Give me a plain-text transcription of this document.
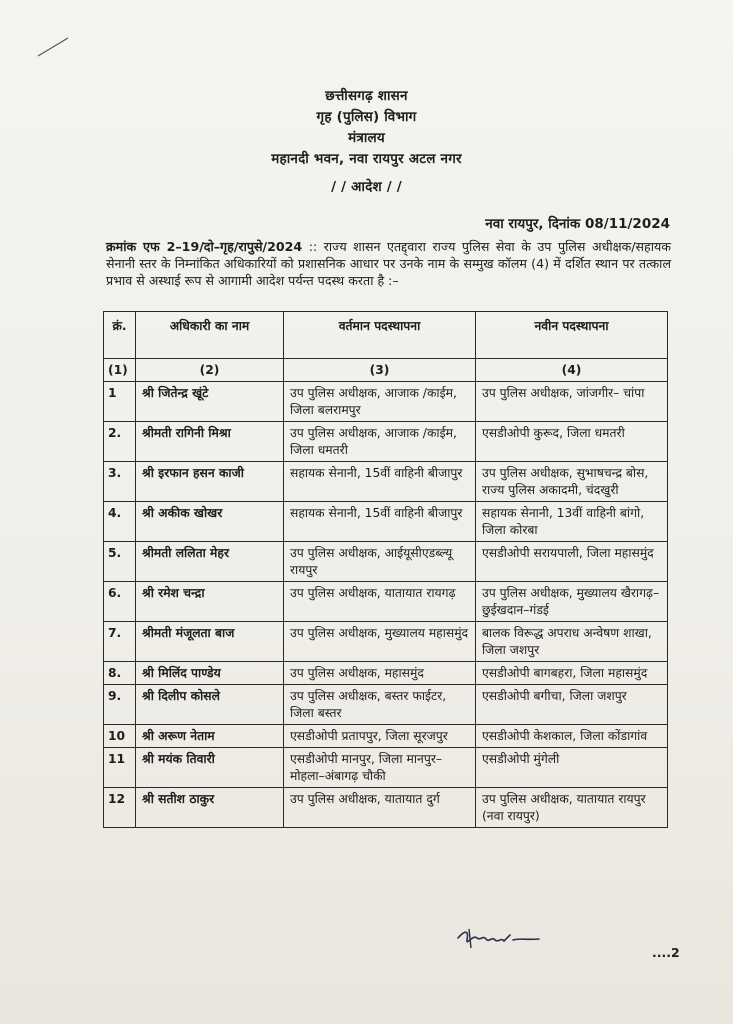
छत्तीसगढ़ शासन
गृह (पुलिस) विभाग
मंत्रालय
महानदी भवन, नवा रायपुर अटल नगर
/ / आदेश / /
नवा रायपुर, दिनांक 08/11/2024
क्रमांक एफ 2–19/दो–गृह/रापुसे/2024 :: राज्य शासन एतद्द्वारा राज्य पुलिस सेवा के उप पुलिस अधीक्षक/सहायक सेनानी स्तर के निम्नांकित अधिकारियों को प्रशासनिक आधार पर उनके नाम के सम्मुख कॉलम (4) में दर्शित स्थान पर तत्काल प्रभाव से अस्थाई रूप से आगामी आदेश पर्यन्त पदस्थ करता है :–
क्रं.	अधिकारी का नाम	वर्तमान पदस्थापना	नवीन पदस्थापना
(1)	(2)	(3)	(4)
1	श्री जितेन्द्र खूंटे	उप पुलिस अधीक्षक, आजाक /काईम, जिला बलरामपुर	उप पुलिस अधीक्षक, जांजगीर– चांपा
2.	श्रीमती रागिनी मिश्रा	उप पुलिस अधीक्षक, आजाक /काईम, जिला धमतरी	एसडीओपी कुरूद, जिला धमतरी
3.	श्री इरफान हसन काजी	सहायक सेनानी, 15वीं वाहिनी बीजापुर	उप पुलिस अधीक्षक, सुभाषचन्द्र बोस, राज्य पुलिस अकादमी, चंदखुरी
4.	श्री अकीक खोखर	सहायक सेनानी, 15वीं वाहिनी बीजापुर	सहायक सेनानी, 13वीं वाहिनी बांगो, जिला कोरबा
5.	श्रीमती ललिता मेहर	उप पुलिस अधीक्षक, आईयूसीएडब्ल्यू रायपुर	एसडीओपी सरायपाली, जिला महासमुंद
6.	श्री रमेश चन्द्रा	उप पुलिस अधीक्षक, यातायात रायगढ़	उप पुलिस अधीक्षक, मुख्यालय खैरागढ़–छुईखदान–गंडई
7.	श्रीमती मंजूलता बाज	उप पुलिस अधीक्षक, मुख्यालय महासमुंद	बालक विरूद्ध अपराध अन्वेषण शाखा, जिला जशपुर
8.	श्री मिलिंद पाण्डेय	उप पुलिस अधीक्षक, महासमुंद	एसडीओपी बागबहरा, जिला महासमुंद
9.	श्री दिलीप कोसले	उप पुलिस अधीक्षक, बस्तर फाईटर, जिला बस्तर	एसडीओपी बगीचा, जिला जशपुर
10	श्री अरूण नेताम	एसडीओपी प्रतापपुर, जिला सूरजपुर	एसडीओपी केशकाल, जिला कोंडागांव
11	श्री मयंक तिवारी	एसडीओपी मानपुर, जिला मानपुर–मोहला–अंबागढ़ चौकी	एसडीओपी मुंगेली
12	श्री सतीश ठाकुर	उप पुलिस अधीक्षक, यातायात दुर्ग	उप पुलिस अधीक्षक, यातायात रायपुर (नवा रायपुर)
....2
